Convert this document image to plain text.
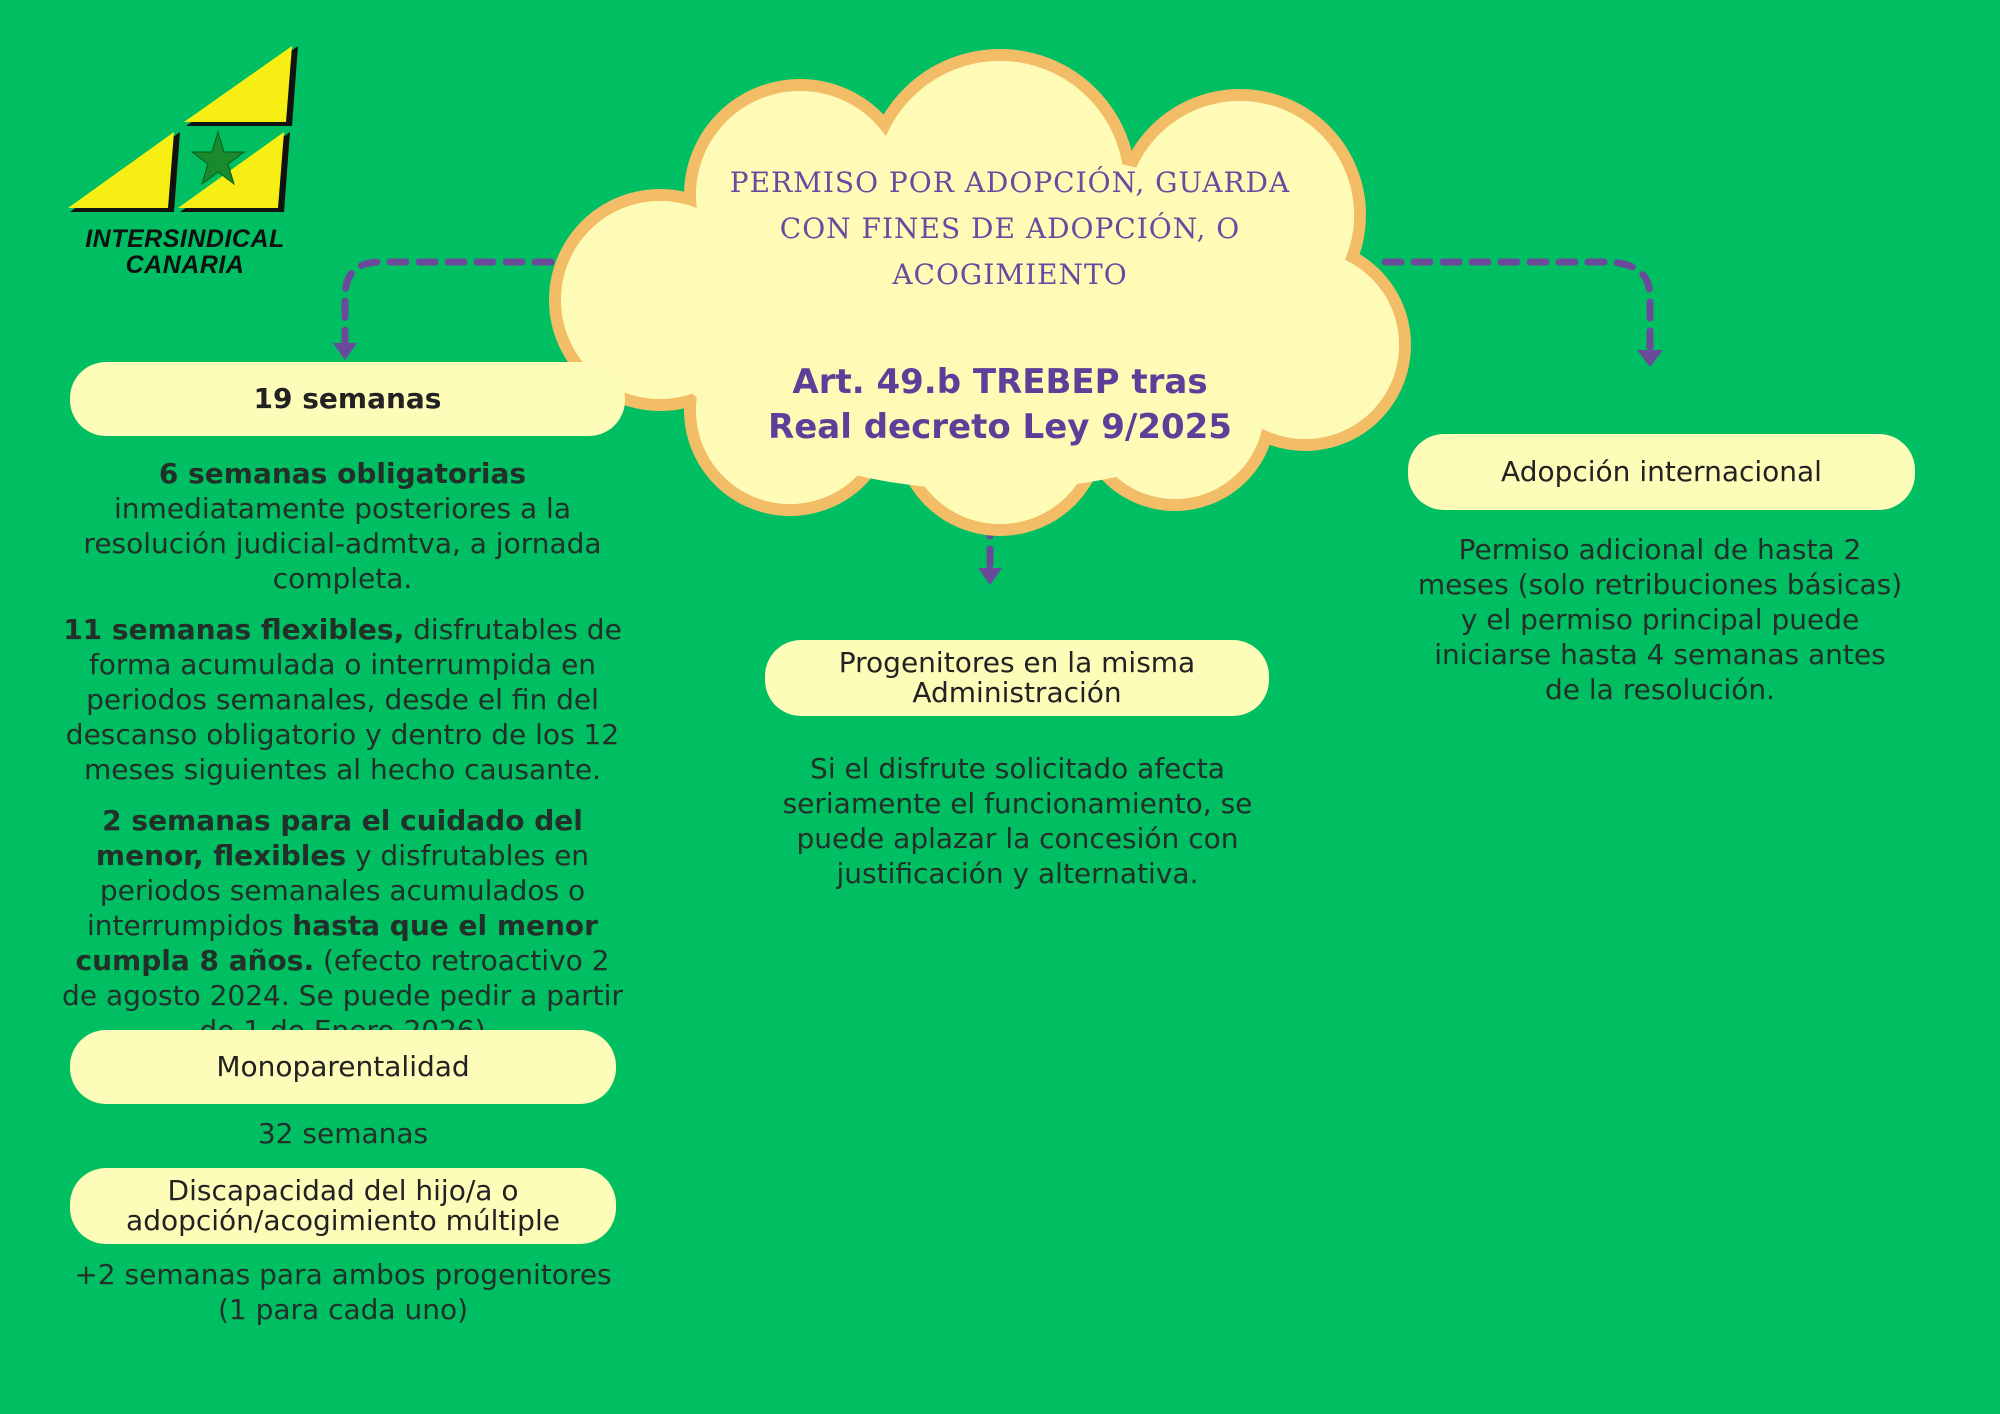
PERMISO POR ADOPCIÓN, GUARDA CON FINES DE ADOPCIÓN, O ACOGIMIENTO
Art. 49.b TREBEP tras
Real decreto Ley 9/2025
INTERSINDICAL
CANARIA
19 semanas

6 semanas obligatorias inmediatamente posteriores a la resolución judicial-admtva, a jornada completa.

11 semanas flexibles, disfrutables de forma acumulada o interrumpida en periodos semanales, desde el fin del descanso obligatorio y dentro de los 12 meses siguientes al hecho causante.

2 semanas para el cuidado del menor, flexibles y disfrutables en periodos semanales acumulados o interrumpidos hasta que el menor cumpla 8 años. (efecto retroactivo 2 de agosto 2024. Se puede pedir a partir

Monoparentalidad
32 semanas
Discapacidad del hijo/a o adopción/acogimiento múltiple
+2 semanas para ambos progenitores (1 para cada uno)
Progenitores en la misma Administración
Si el disfrute solicitado afecta seriamente el funcionamiento, se puede aplazar la concesión con justificación y alternativa.
Adopción internacional
Permiso adicional de hasta 2 meses (solo retribuciones básicas) y el permiso principal puede iniciarse hasta 4 semanas antes de la resolución.
